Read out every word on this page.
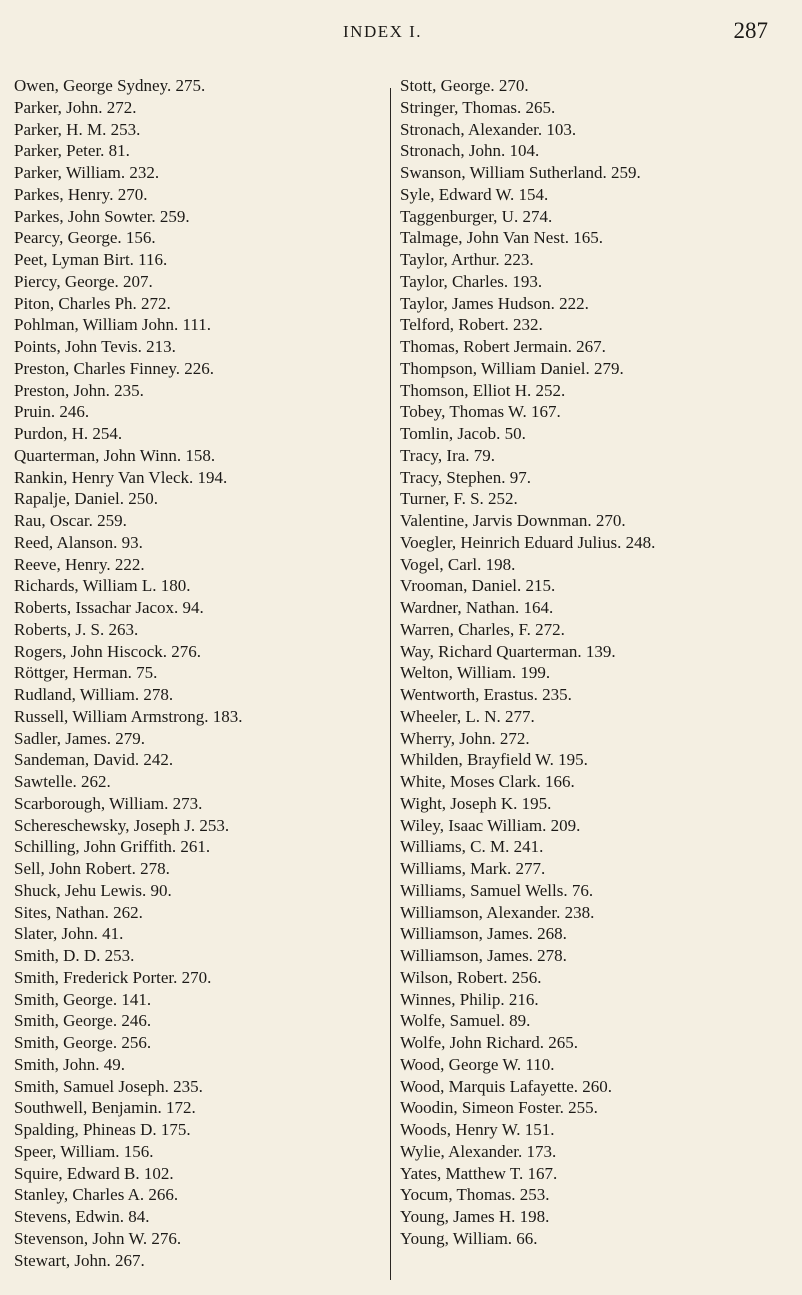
INDEX I.	287
Owen, George Sydney. 275.
Parker, John. 272.
Parker, H. M. 253.
Parker, Peter. 81.
Parker, William. 232.
Parkes, Henry. 270.
Parkes, John Sowter. 259.
Pearcy, George. 156.
Peet, Lyman Birt. 116.
Piercy, George. 207.
Piton, Charles Ph. 272.
Pohlman, William John. 111.
Points, John Tevis. 213.
Preston, Charles Finney. 226.
Preston, John. 235.
Pruin. 246.
Purdon, H. 254.
Quarterman, John Winn. 158.
Rankin, Henry Van Vleck. 194.
Rapalje, Daniel. 250.
Rau, Oscar. 259.
Reed, Alanson. 93.
Reeve, Henry. 222.
Richards, William L. 180.
Roberts, Issachar Jacox. 94.
Roberts, J. S. 263.
Rogers, John Hiscock. 276.
Röttger, Herman. 75.
Rudland, William. 278.
Russell, William Armstrong. 183.
Sadler, James. 279.
Sandeman, David. 242.
Sawtelle. 262.
Scarborough, William. 273.
Schereschewsky, Joseph J. 253.
Schilling, John Griffith. 261.
Sell, John Robert. 278.
Shuck, Jehu Lewis. 90.
Sites, Nathan. 262.
Slater, John. 41.
Smith, D. D. 253.
Smith, Frederick Porter. 270.
Smith, George. 141.
Smith, George. 246.
Smith, George. 256.
Smith, John. 49.
Smith, Samuel Joseph. 235.
Southwell, Benjamin. 172.
Spalding, Phineas D. 175.
Speer, William. 156.
Squire, Edward B. 102.
Stanley, Charles A. 266.
Stevens, Edwin. 84.
Stevenson, John W. 276.
Stewart, John. 267.
Stott, George. 270.
Stringer, Thomas. 265.
Stronach, Alexander. 103.
Stronach, John. 104.
Swanson, William Sutherland. 259.
Syle, Edward W. 154.
Taggenburger, U. 274.
Talmage, John Van Nest. 165.
Taylor, Arthur. 223.
Taylor, Charles. 193.
Taylor, James Hudson. 222.
Telford, Robert. 232.
Thomas, Robert Jermain. 267.
Thompson, William Daniel. 279.
Thomson, Elliot H. 252.
Tobey, Thomas W. 167.
Tomlin, Jacob. 50.
Tracy, Ira. 79.
Tracy, Stephen. 97.
Turner, F. S. 252.
Valentine, Jarvis Downman. 270.
Voegler, Heinrich Eduard Julius. 248.
Vogel, Carl. 198.
Vrooman, Daniel. 215.
Wardner, Nathan. 164.
Warren, Charles, F. 272.
Way, Richard Quarterman. 139.
Welton, William. 199.
Wentworth, Erastus. 235.
Wheeler, L. N. 277.
Wherry, John. 272.
Whilden, Brayfield W. 195.
White, Moses Clark. 166.
Wight, Joseph K. 195.
Wiley, Isaac William. 209.
Williams, C. M. 241.
Williams, Mark. 277.
Williams, Samuel Wells. 76.
Williamson, Alexander. 238.
Williamson, James. 268.
Williamson, James. 278.
Wilson, Robert. 256.
Winnes, Philip. 216.
Wolfe, Samuel. 89.
Wolfe, John Richard. 265.
Wood, George W. 110.
Wood, Marquis Lafayette. 260.
Woodin, Simeon Foster. 255.
Woods, Henry W. 151.
Wylie, Alexander. 173.
Yates, Matthew T. 167.
Yocum, Thomas. 253.
Young, James H. 198.
Young, William. 66.
